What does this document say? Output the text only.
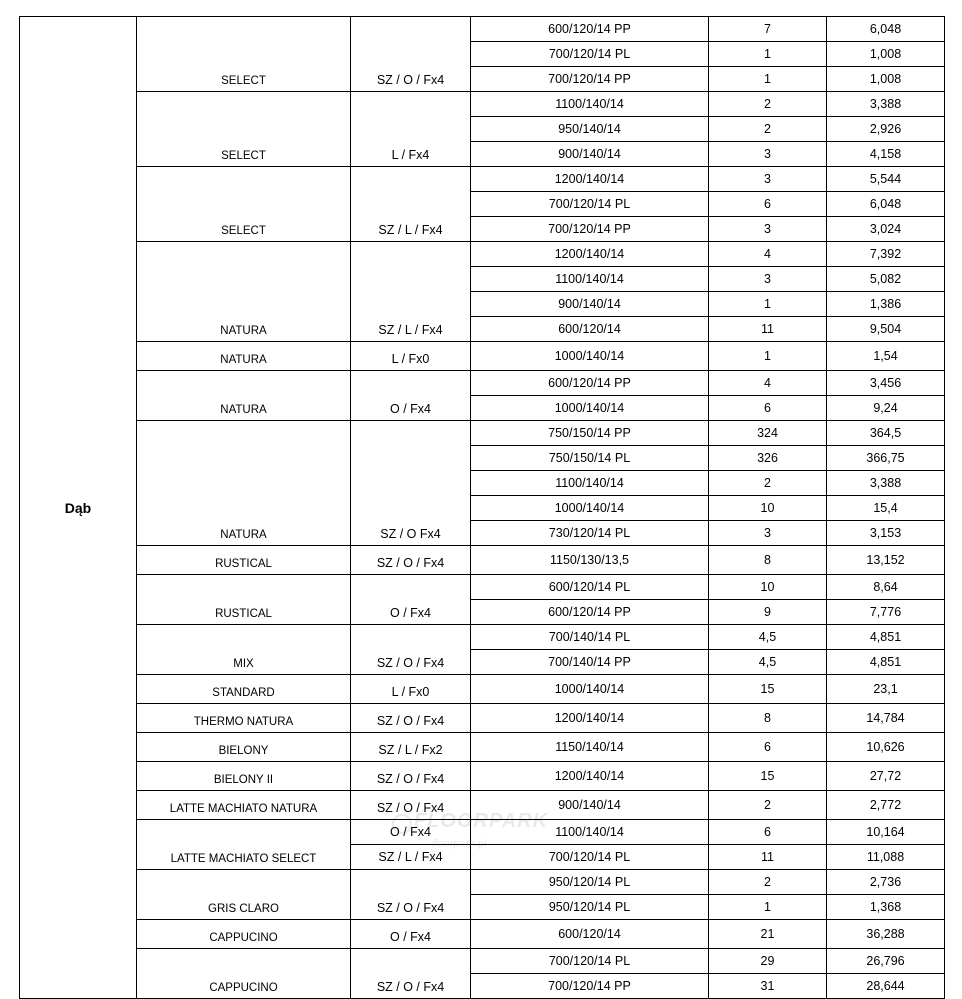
Dąb	SELECT	SZ / O / Fx4	600/120/14 PP	7	6,048
			700/120/14 PL	1	1,008
			700/120/14 PP	1	1,008
	SELECT	L / Fx4	1100/140/14	2	3,388
			950/140/14	2	2,926
			900/140/14	3	4,158
	SELECT	SZ / L / Fx4	1200/140/14	3	5,544
			700/120/14 PL	6	6,048
			700/120/14 PP	3	3,024
	NATURA	SZ / L / Fx4	1200/140/14	4	7,392
			1100/140/14	3	5,082
			900/140/14	1	1,386
			600/120/14	11	9,504
	NATURA	L / Fx0	1000/140/14	1	1,54
	NATURA	O / Fx4	600/120/14 PP	4	3,456
			1000/140/14	6	9,24
	NATURA	SZ / O Fx4	750/150/14 PP	324	364,5
			750/150/14 PL	326	366,75
			1100/140/14	2	3,388
			1000/140/14	10	15,4
			730/120/14 PL	3	3,153
	RUSTICAL	SZ / O / Fx4	1150/130/13,5	8	13,152
	RUSTICAL	O / Fx4	600/120/14 PL	10	8,64
			600/120/14 PP	9	7,776
	MIX	SZ / O / Fx4	700/140/14 PL	4,5	4,851
			700/140/14 PP	4,5	4,851
	STANDARD	L / Fx0	1000/140/14	15	23,1
	THERMO NATURA	SZ / O / Fx4	1200/140/14	8	14,784
	BIELONY	SZ / L / Fx2	1150/140/14	6	10,626
	BIELONY II	SZ / O / Fx4	1200/140/14	15	27,72
	LATTE MACHIATO NATURA	SZ / O / Fx4	900/140/14	2	2,772
	LATTE MACHIATO SELECT	O / Fx4	1100/140/14	6	10,164
		SZ / L / Fx4	700/120/14 PL	11	11,088
	GRIS CLARO	SZ / O / Fx4	950/120/14 PL	2	2,736
			950/120/14 PL	1	1,368
	CAPPUCINO	O / Fx4	600/120/14	21	36,288
	CAPPUCINO	SZ / O / Fx4	700/120/14 PL	29	26,796
			700/120/14 PP	31	28,644
FLOORPARK
floorpark.pl
